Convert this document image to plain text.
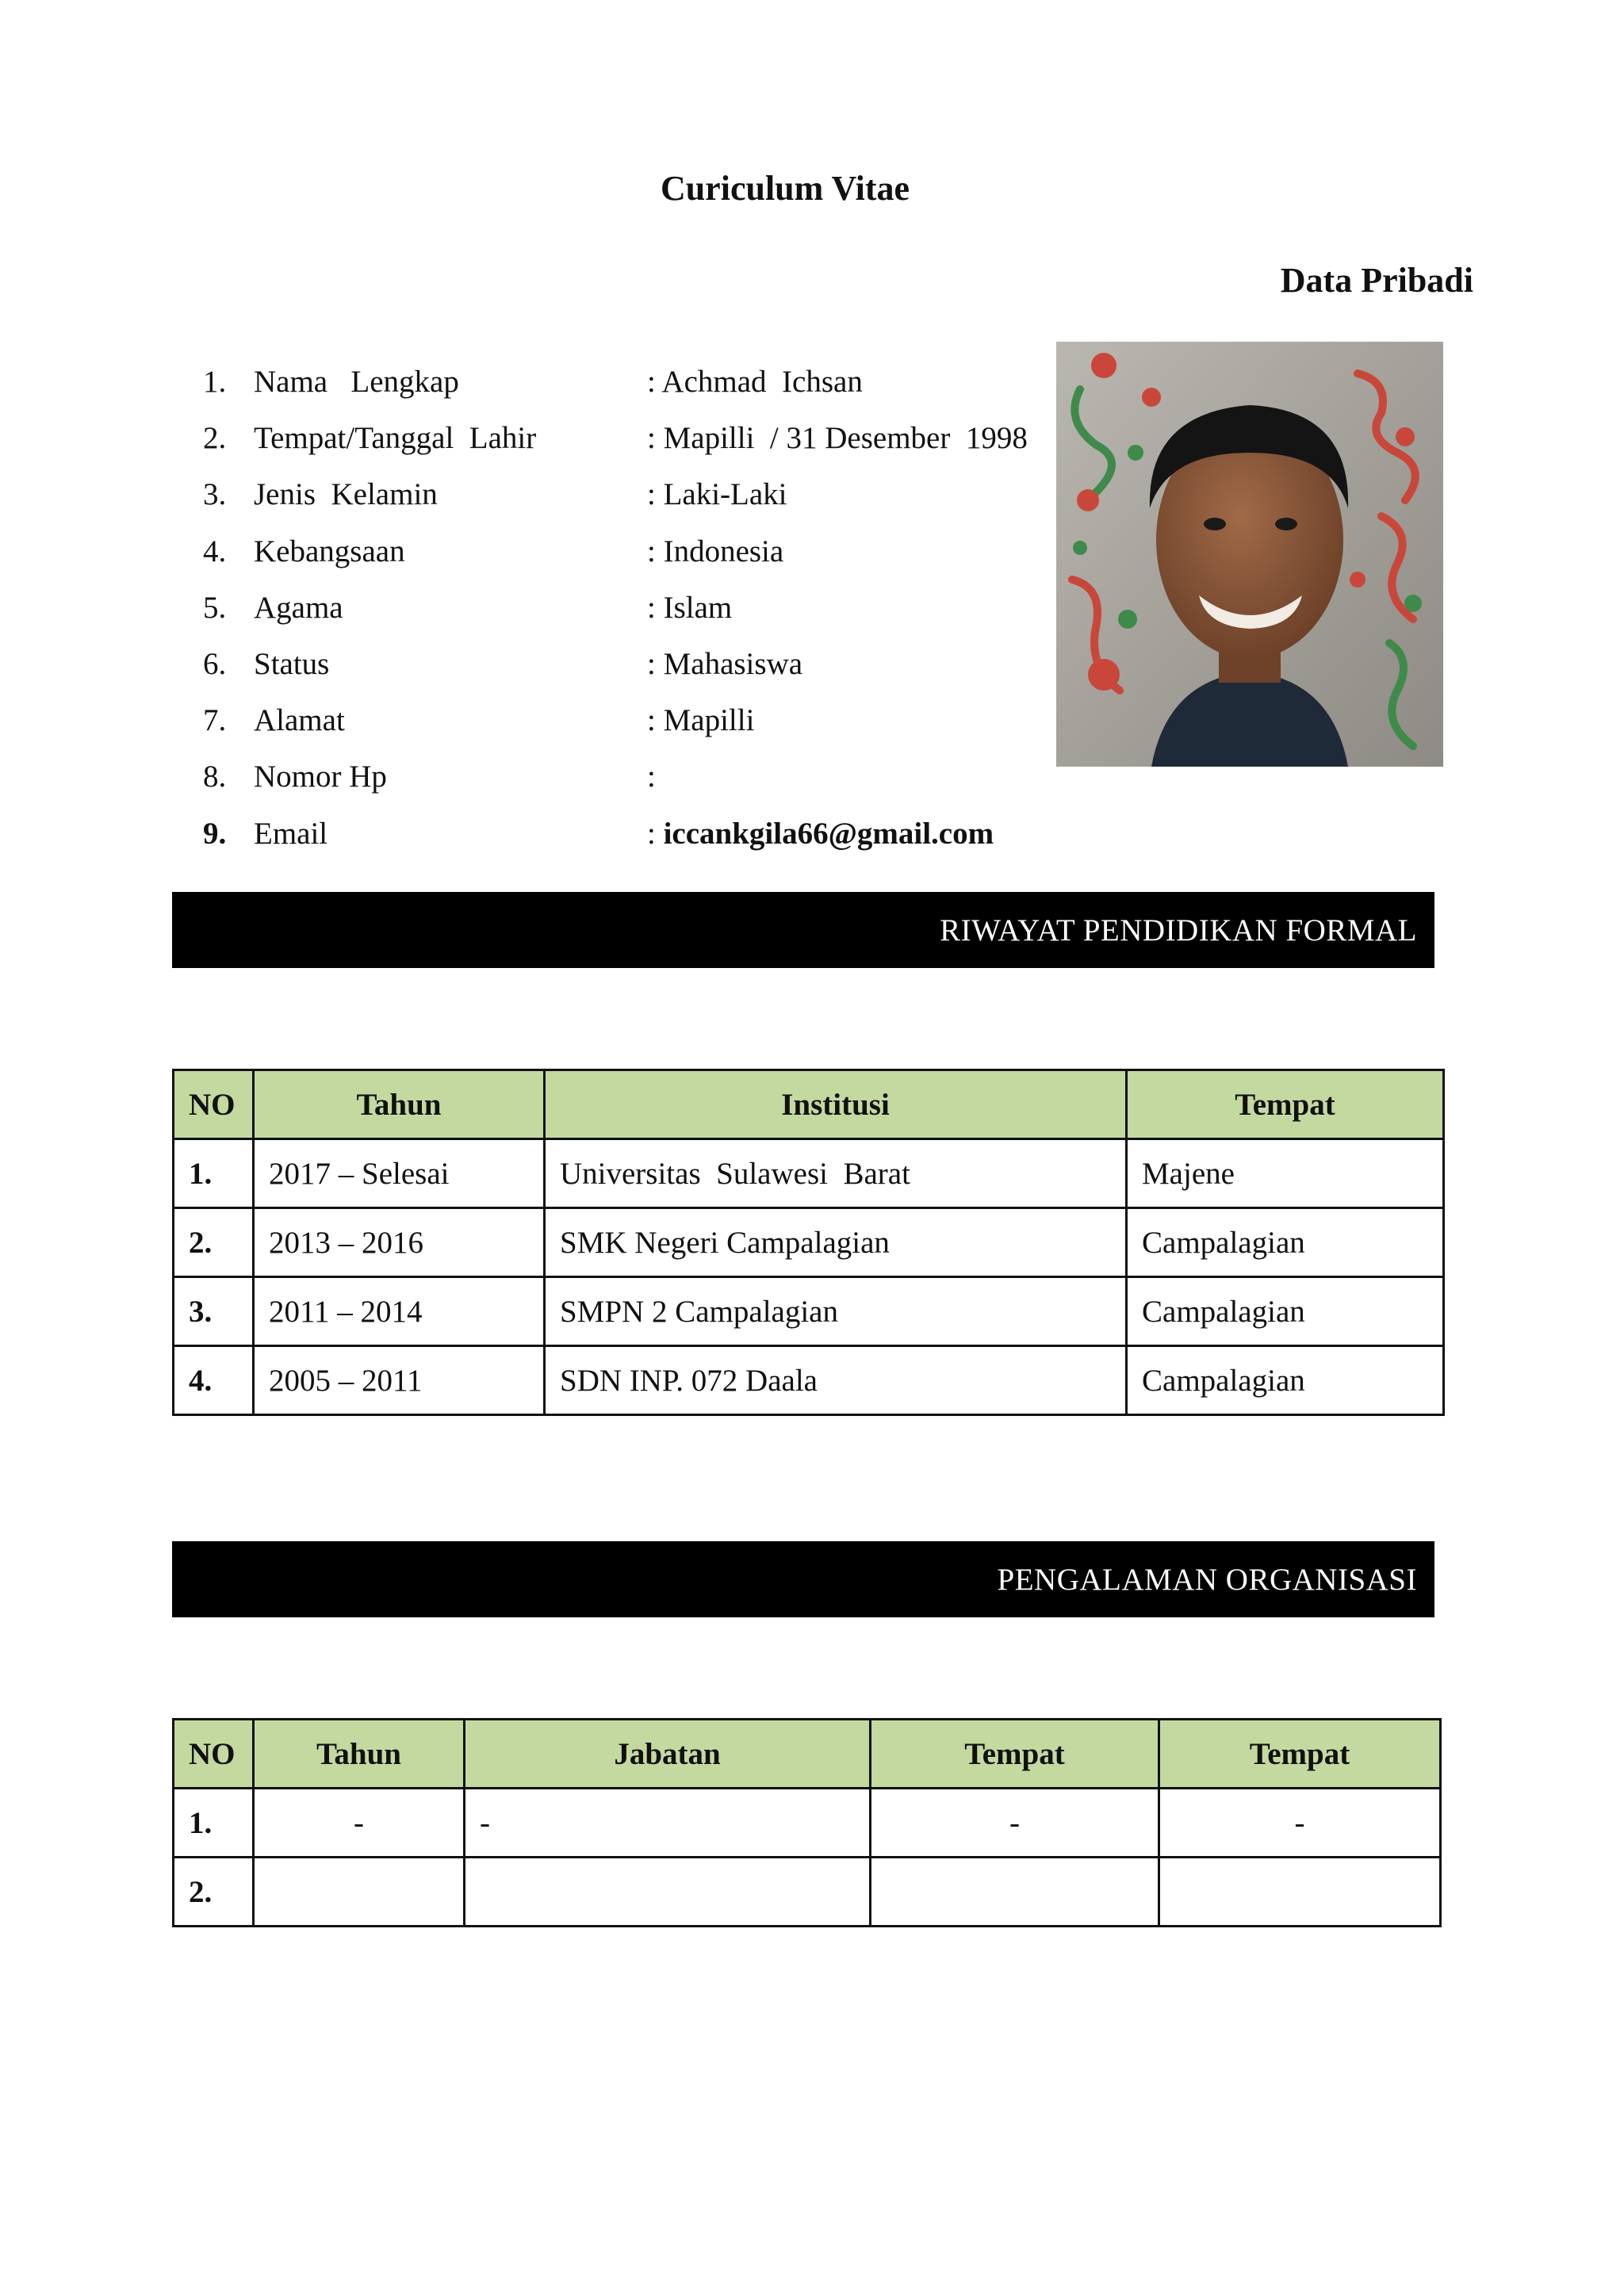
Curiculum Vitae
Data Pribadi
1. Nama   Lengkap	: Achmad  Ichsan
2. Tempat/Tanggal  Lahir	: Mapilli  / 31 Desember  1998
3. Jenis  Kelamin	: Laki-Laki
4. Kebangsaan	: Indonesia
5. Agama	: Islam
6. Status	: Mahasiswa
7. Alamat	: Mapilli
8. Nomor Hp	:
9. Email	: iccankgila66@gmail.com
RIWAYAT PENDIDIKAN FORMAL
NO	Tahun	Institusi	Tempat
1.	2017 – Selesai	Universitas  Sulawesi  Barat	Majene
2.	2013 – 2016	SMK Negeri Campalagian	Campalagian
3.	2011 – 2014	SMPN 2 Campalagian	Campalagian
4.	2005 – 2011	SDN INP. 072 Daala	Campalagian
PENGALAMAN ORGANISASI
NO	Tahun	Jabatan	Tempat	Tempat
1.	-	-	-	-
2.				
